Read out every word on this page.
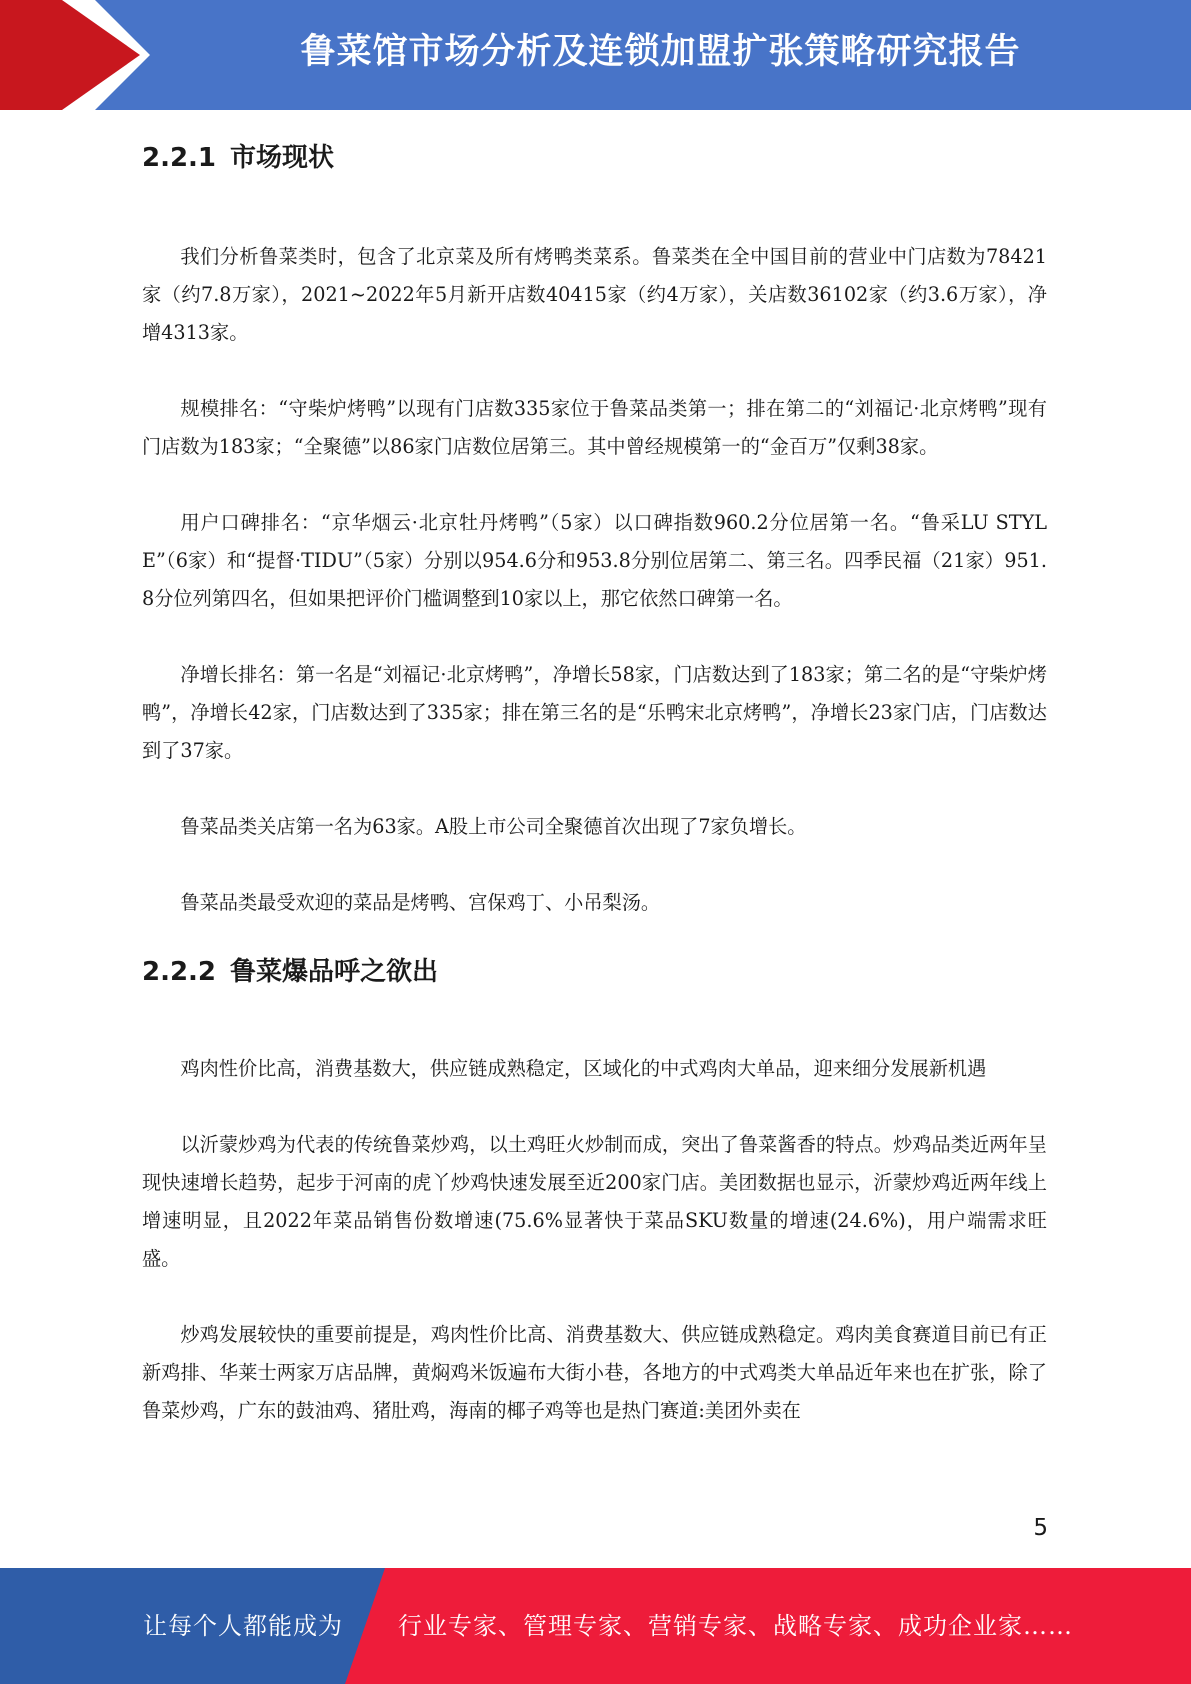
鲁菜馆市场分析及连锁加盟扩张策略研究报告
2.2.1 市场现状

我们分析鲁菜类时，包含了北京菜及所有烤鸭类菜系。鲁菜类在全中国目前的营业中门店数为78421家（约7.8万家），2021~2022年5月新开店数40415家（约4万家），关店数36102家（约3.6万家），净增4313家。

规模排名：“守柴炉烤鸭”以现有门店数335家位于鲁菜品类第一；排在第二的“刘福记·北京烤鸭”现有门店数为183家；“全聚德”以86家门店数位居第三。其中曾经规模第一的“金百万”仅剩38家。

用户口碑排名：“京华烟云·北京牡丹烤鸭”（5家）以口碑指数960.2分位居第一名。“鲁采LU STYLE”（6家）和“提督·TIDU”（5家）分别以954.6分和953.8分别位居第二、第三名。四季民福（21家）951.8分位列第四名，但如果把评价门槛调整到10家以上，那它依然口碑第一名。

净增长排名：第一名是“刘福记·北京烤鸭”，净增长58家，门店数达到了183家；第二名的是“守柴炉烤鸭”，净增长42家，门店数达到了335家；排在第三名的是“乐鸭宋北京烤鸭”，净增长23家门店，门店数达到了37家。

鲁菜品类关店第一名为63家。A股上市公司全聚德首次出现了7家负增长。

鲁菜品类最受欢迎的菜品是烤鸭、宫保鸡丁、小吊梨汤。

2.2.2 鲁菜爆品呼之欲出

鸡肉性价比高，消费基数大，供应链成熟稳定，区域化的中式鸡肉大单品，迎来细分发展新机遇

以沂蒙炒鸡为代表的传统鲁菜炒鸡，以土鸡旺火炒制而成，突出了鲁菜酱香的特点。炒鸡品类近两年呈现快速增长趋势，起步于河南的虎丫炒鸡快速发展至近200家门店。美团数据也显示，沂蒙炒鸡近两年线上增速明显，且2022年菜品销售份数增速(75.6%显著快于菜品SKU数量的增速(24.6%)，用户端需求旺盛。

炒鸡发展较快的重要前提是，鸡肉性价比高、消费基数大、供应链成熟稳定。鸡肉美食赛道目前已有正新鸡排、华莱士两家万店品牌，黄焖鸡米饭遍布大街小巷，各地方的中式鸡类大单品近年来也在扩张，除了鲁菜炒鸡，广东的鼓油鸡、猪肚鸡，海南的椰子鸡等也是热门赛道:美团外卖在

5
让每个人都能成为 行业专家、管理专家、营销专家、战略专家、成功企业家……
